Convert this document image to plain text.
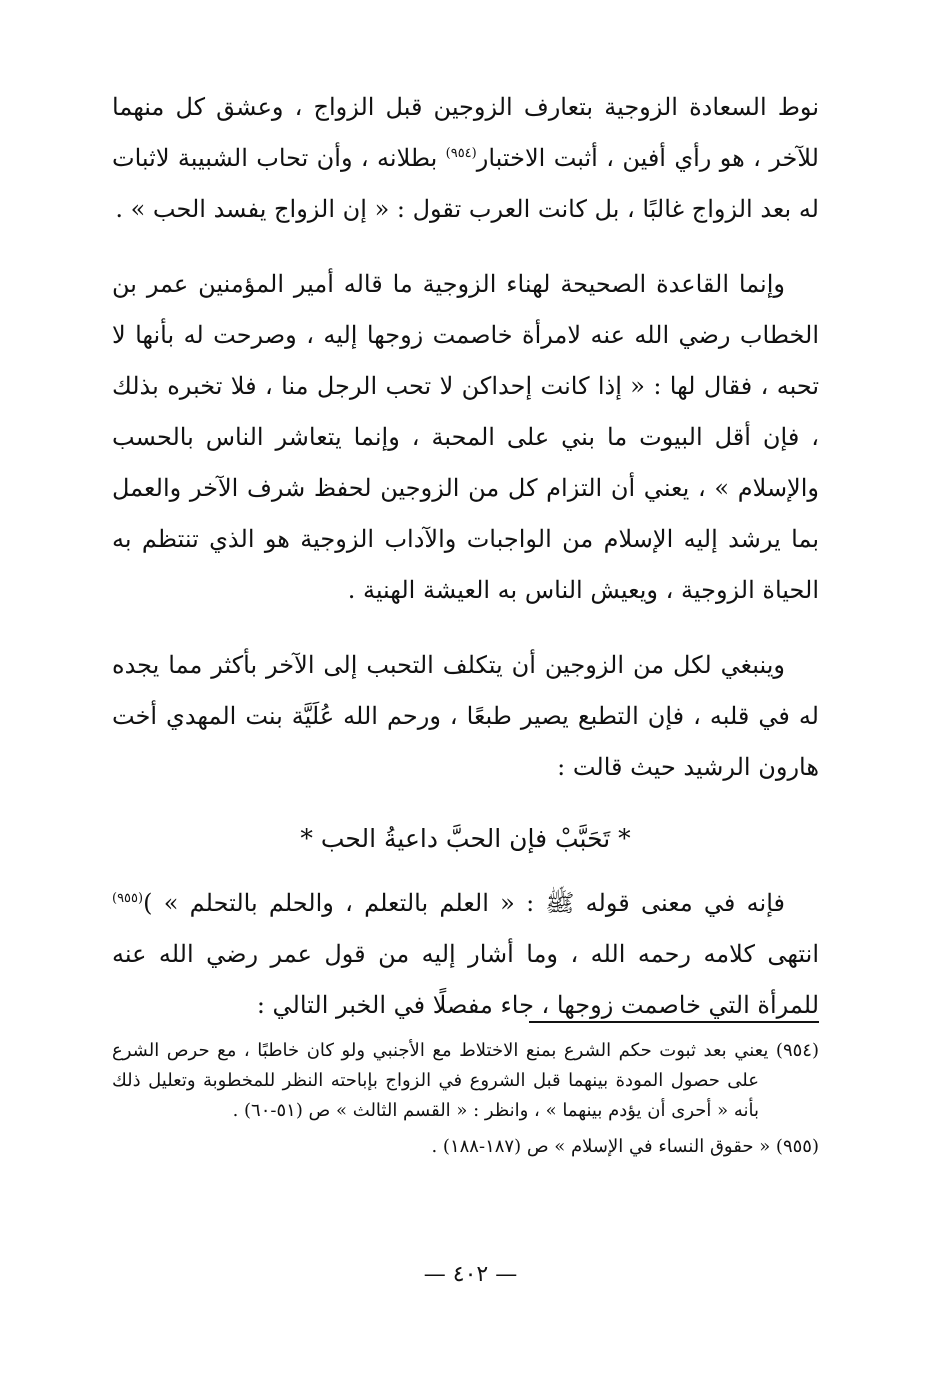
نوط السعادة الزوجية بتعارف الزوجين قبل الزواج ، وعشق كل منهما للآخر ، هو رأي أفين ، أثبت الاختبار$^{(٩٥٤)}$ بطلانه ، وأن تحاب الشبيبة لاثبات له بعد الزواج غالبًا ، بل كانت العرب تقول : « إن الزواج يفسد الحب » .

وإنما القاعدة الصحيحة لهناء الزوجية ما قاله أمير المؤمنين عمر بن الخطاب رضي الله عنه لامرأة خاصمت زوجها إليه ، وصرحت له بأنها لا تحبه ، فقال لها : « إذا كانت إحداكن لا تحب الرجل منا ، فلا تخبره بذلك ، فإن أقل البيوت ما بني على المحبة ، وإنما يتعاشر الناس بالحسب والإسلام » ، يعني أن التزام كل من الزوجين لحفظ شرف الآخر والعمل بما يرشد إليه الإسلام من الواجبات والآداب الزوجية هو الذي تنتظم به الحياة الزوجية ، ويعيش الناس به العيشة الهنية .

وينبغي لكل من الزوجين أن يتكلف التحبب إلى الآخر بأكثر مما يجده له في قلبه ، فإن التطبع يصير طبعًا ، ورحم الله عُلَيَّة بنت المهدي أخت هارون الرشيد حيث قالت :

* تَحَبَّبْ فإن الحبَّ داعيةُ الحب *

فإنه في معنى قوله ﷺ : « العلم بالتعلم ، والحلم بالتحلم » )$^{(٩٥٥)}$ انتهى كلامه رحمه الله ، وما أشار إليه من قول عمر رضي الله عنه للمرأة التي خاصمت زوجها ، جاء مفصلًا في الخبر التالي :

(٩٥٤) يعني بعد ثبوت حكم الشرع بمنع الاختلاط مع الأجنبي ولو كان خاطبًا ، مع حرص الشرع على حصول المودة بينهما قبل الشروع في الزواج بإباحته النظر للمخطوبة وتعليل ذلك بأنه « أحرى أن يؤدم بينهما » ، وانظر : « القسم الثالث » ص (٥١-٦٠) .

(٩٥٥) « حقوق النساء في الإسلام » ص (١٨٧-١٨٨) .

— ٤٠٢ —
